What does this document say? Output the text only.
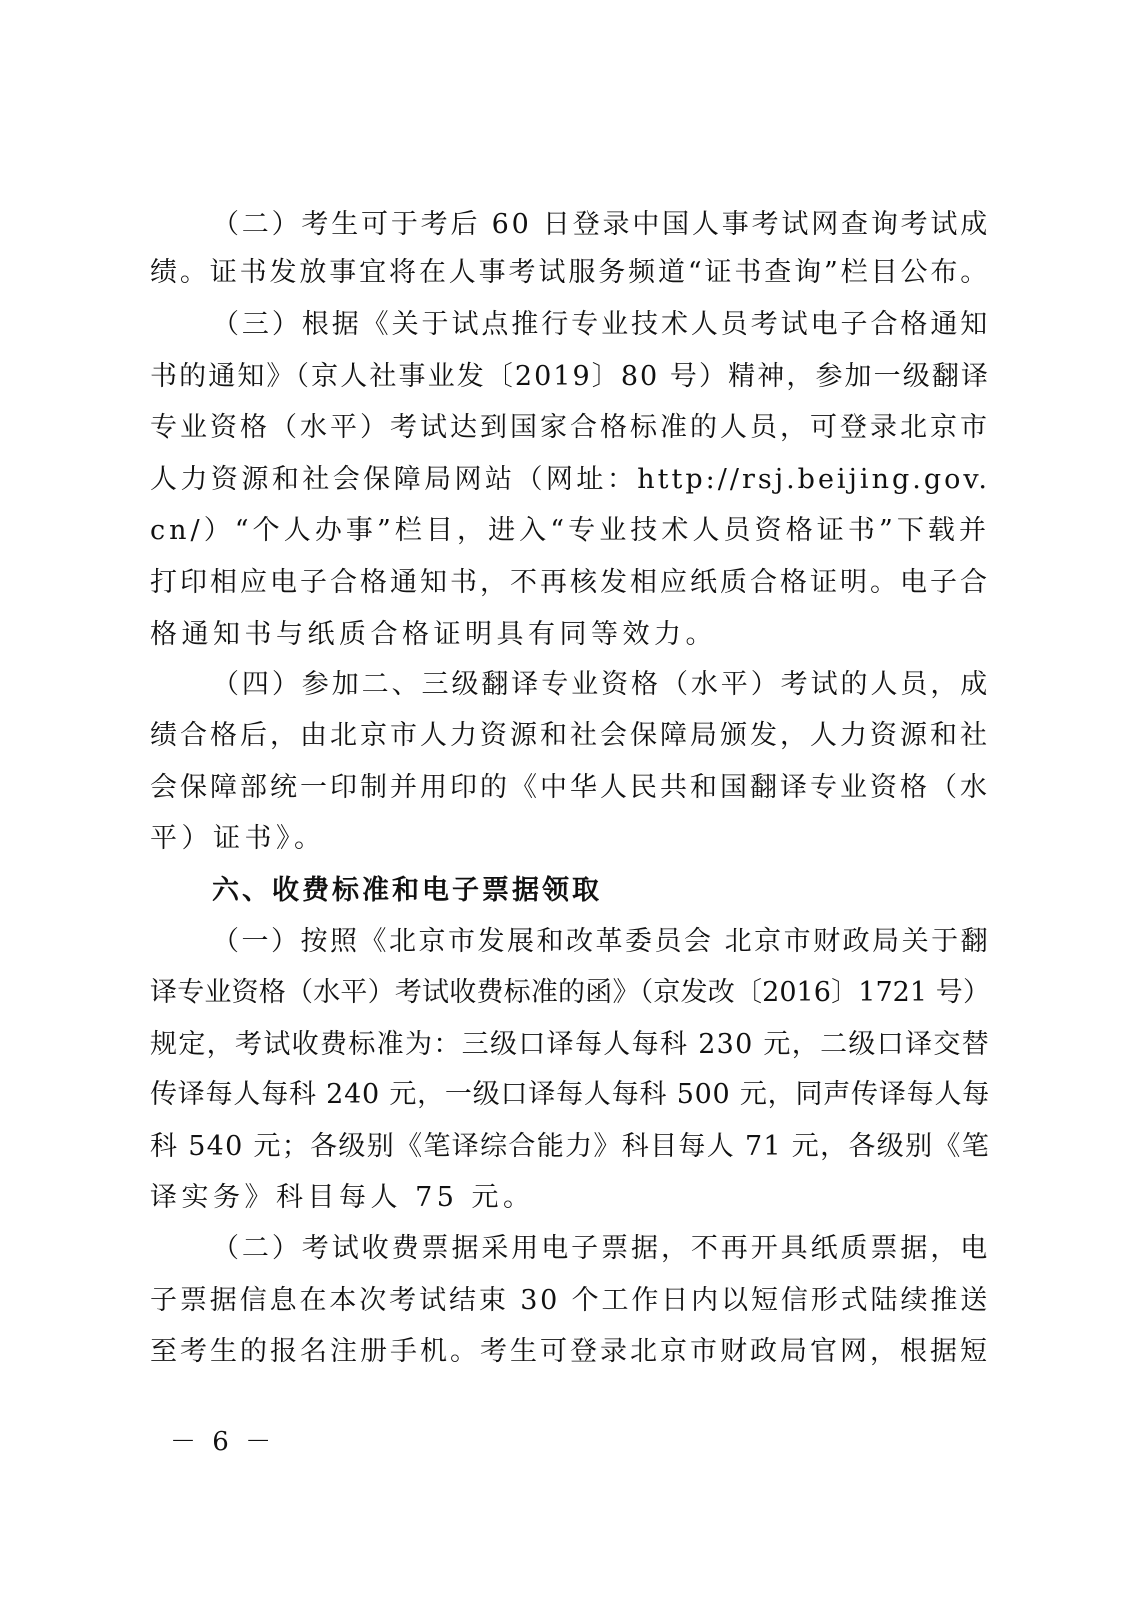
（二）考生可于考后 60 日登录中国人事考试网查询考试成
绩。证书发放事宜将在人事考试服务频道“证书查询”栏目公布。
（三）根据《关于试点推行专业技术人员考试电子合格通知
书的通知》（京人社事业发〔2019〕80 号）精神，参加一级翻译
专业资格（水平）考试达到国家合格标准的人员，可登录北京市
人力资源和社会保障局网站（网址：http://rsj.beijing.gov.
cn/）“个人办事”栏目，进入“专业技术人员资格证书”下载并
打印相应电子合格通知书，不再核发相应纸质合格证明。电子合
格通知书与纸质合格证明具有同等效力。
（四）参加二、三级翻译专业资格（水平）考试的人员，成
绩合格后，由北京市人力资源和社会保障局颁发，人力资源和社
会保障部统一印制并用印的《中华人民共和国翻译专业资格（水
平）证书》。
六、收费标准和电子票据领取
（一）按照《北京市发展和改革委员会 北京市财政局关于翻
译专业资格（水平）考试收费标准的函》（京发改〔2016〕1721 号）
规定，考试收费标准为：三级口译每人每科 230 元，二级口译交替
传译每人每科 240 元，一级口译每人每科 500 元，同声传译每人每
科 540 元；各级别《笔译综合能力》科目每人 71 元，各级别《笔
译实务》科目每人 75 元。
（二）考试收费票据采用电子票据，不再开具纸质票据，电
子票据信息在本次考试结束 30 个工作日内以短信形式陆续推送
至考生的报名注册手机。考生可登录北京市财政局官网，根据短
－ 6 －
